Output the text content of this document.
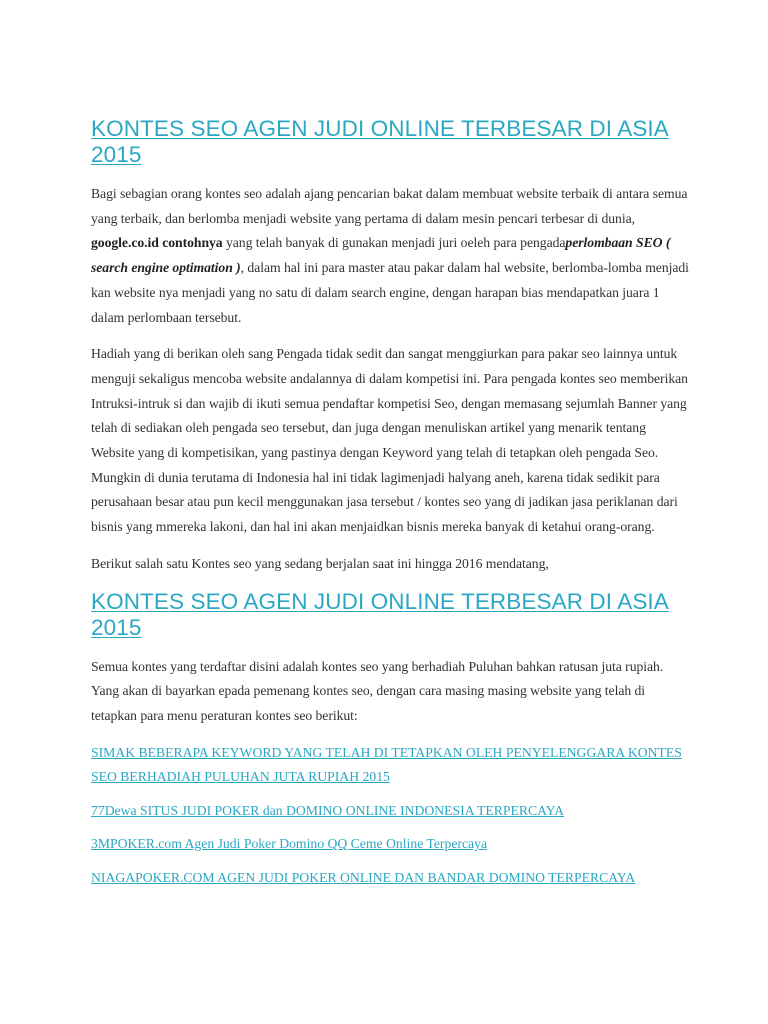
KONTES SEO AGEN JUDI ONLINE TERBESAR DI ASIA 2015

Bagi sebagian orang kontes seo adalah ajang pencarian bakat dalam membuat website terbaik di antara semua yang terbaik, dan berlomba menjadi website yang pertama di dalam mesin pencari terbesar di dunia, google.co.id contohnya yang telah banyak di gunakan menjadi juri oeleh para pengadaperlombaan SEO ( search engine optimation ), dalam hal ini para master atau pakar dalam hal website, berlomba-lomba menjadi kan website nya menjadi yang no satu di dalam search engine, dengan harapan bias mendapatkan juara 1 dalam perlombaan tersebut.

Hadiah yang di berikan oleh sang Pengada tidak sedit dan sangat menggiurkan para pakar seo lainnya untuk menguji sekaligus mencoba website andalannya di dalam kompetisi ini. Para pengada kontes seo memberikan Intruksi-intruk si dan wajib di ikuti semua pendaftar kompetisi Seo, dengan memasang sejumlah Banner yang telah di sediakan oleh pengada seo tersebut, dan juga dengan menuliskan artikel yang menarik tentang Website yang di kompetisikan, yang pastinya dengan Keyword yang telah di tetapkan oleh pengada Seo. Mungkin di dunia terutama di Indonesia hal ini tidak lagimenjadi halyang aneh, karena tidak sedikit para perusahaan besar atau pun kecil menggunakan jasa tersebut / kontes seo yang di jadikan jasa periklanan dari bisnis yang mmereka lakoni, dan hal ini akan menjaidkan bisnis mereka banyak di ketahui orang-orang.

Berikut salah satu Kontes seo yang sedang berjalan saat ini hingga 2016 mendatang,

KONTES SEO AGEN JUDI ONLINE TERBESAR DI ASIA 2015

Semua kontes yang terdaftar disini adalah kontes seo yang berhadiah Puluhan bahkan ratusan juta rupiah. Yang akan di bayarkan epada pemenang kontes seo, dengan cara masing masing website yang telah di tetapkan para menu peraturan kontes seo berikut:

SIMAK BEBERAPA KEYWORD YANG TELAH DI TETAPKAN OLEH PENYELENGGARA KONTES SEO BERHADIAH PULUHAN JUTA RUPIAH 2015
77Dewa SITUS JUDI POKER dan DOMINO ONLINE INDONESIA TERPERCAYA
3MPOKER.com Agen Judi Poker Domino QQ Ceme Online Terpercaya
NIAGAPOKER.COM AGEN JUDI POKER ONLINE DAN BANDAR DOMINO TERPERCAYA
